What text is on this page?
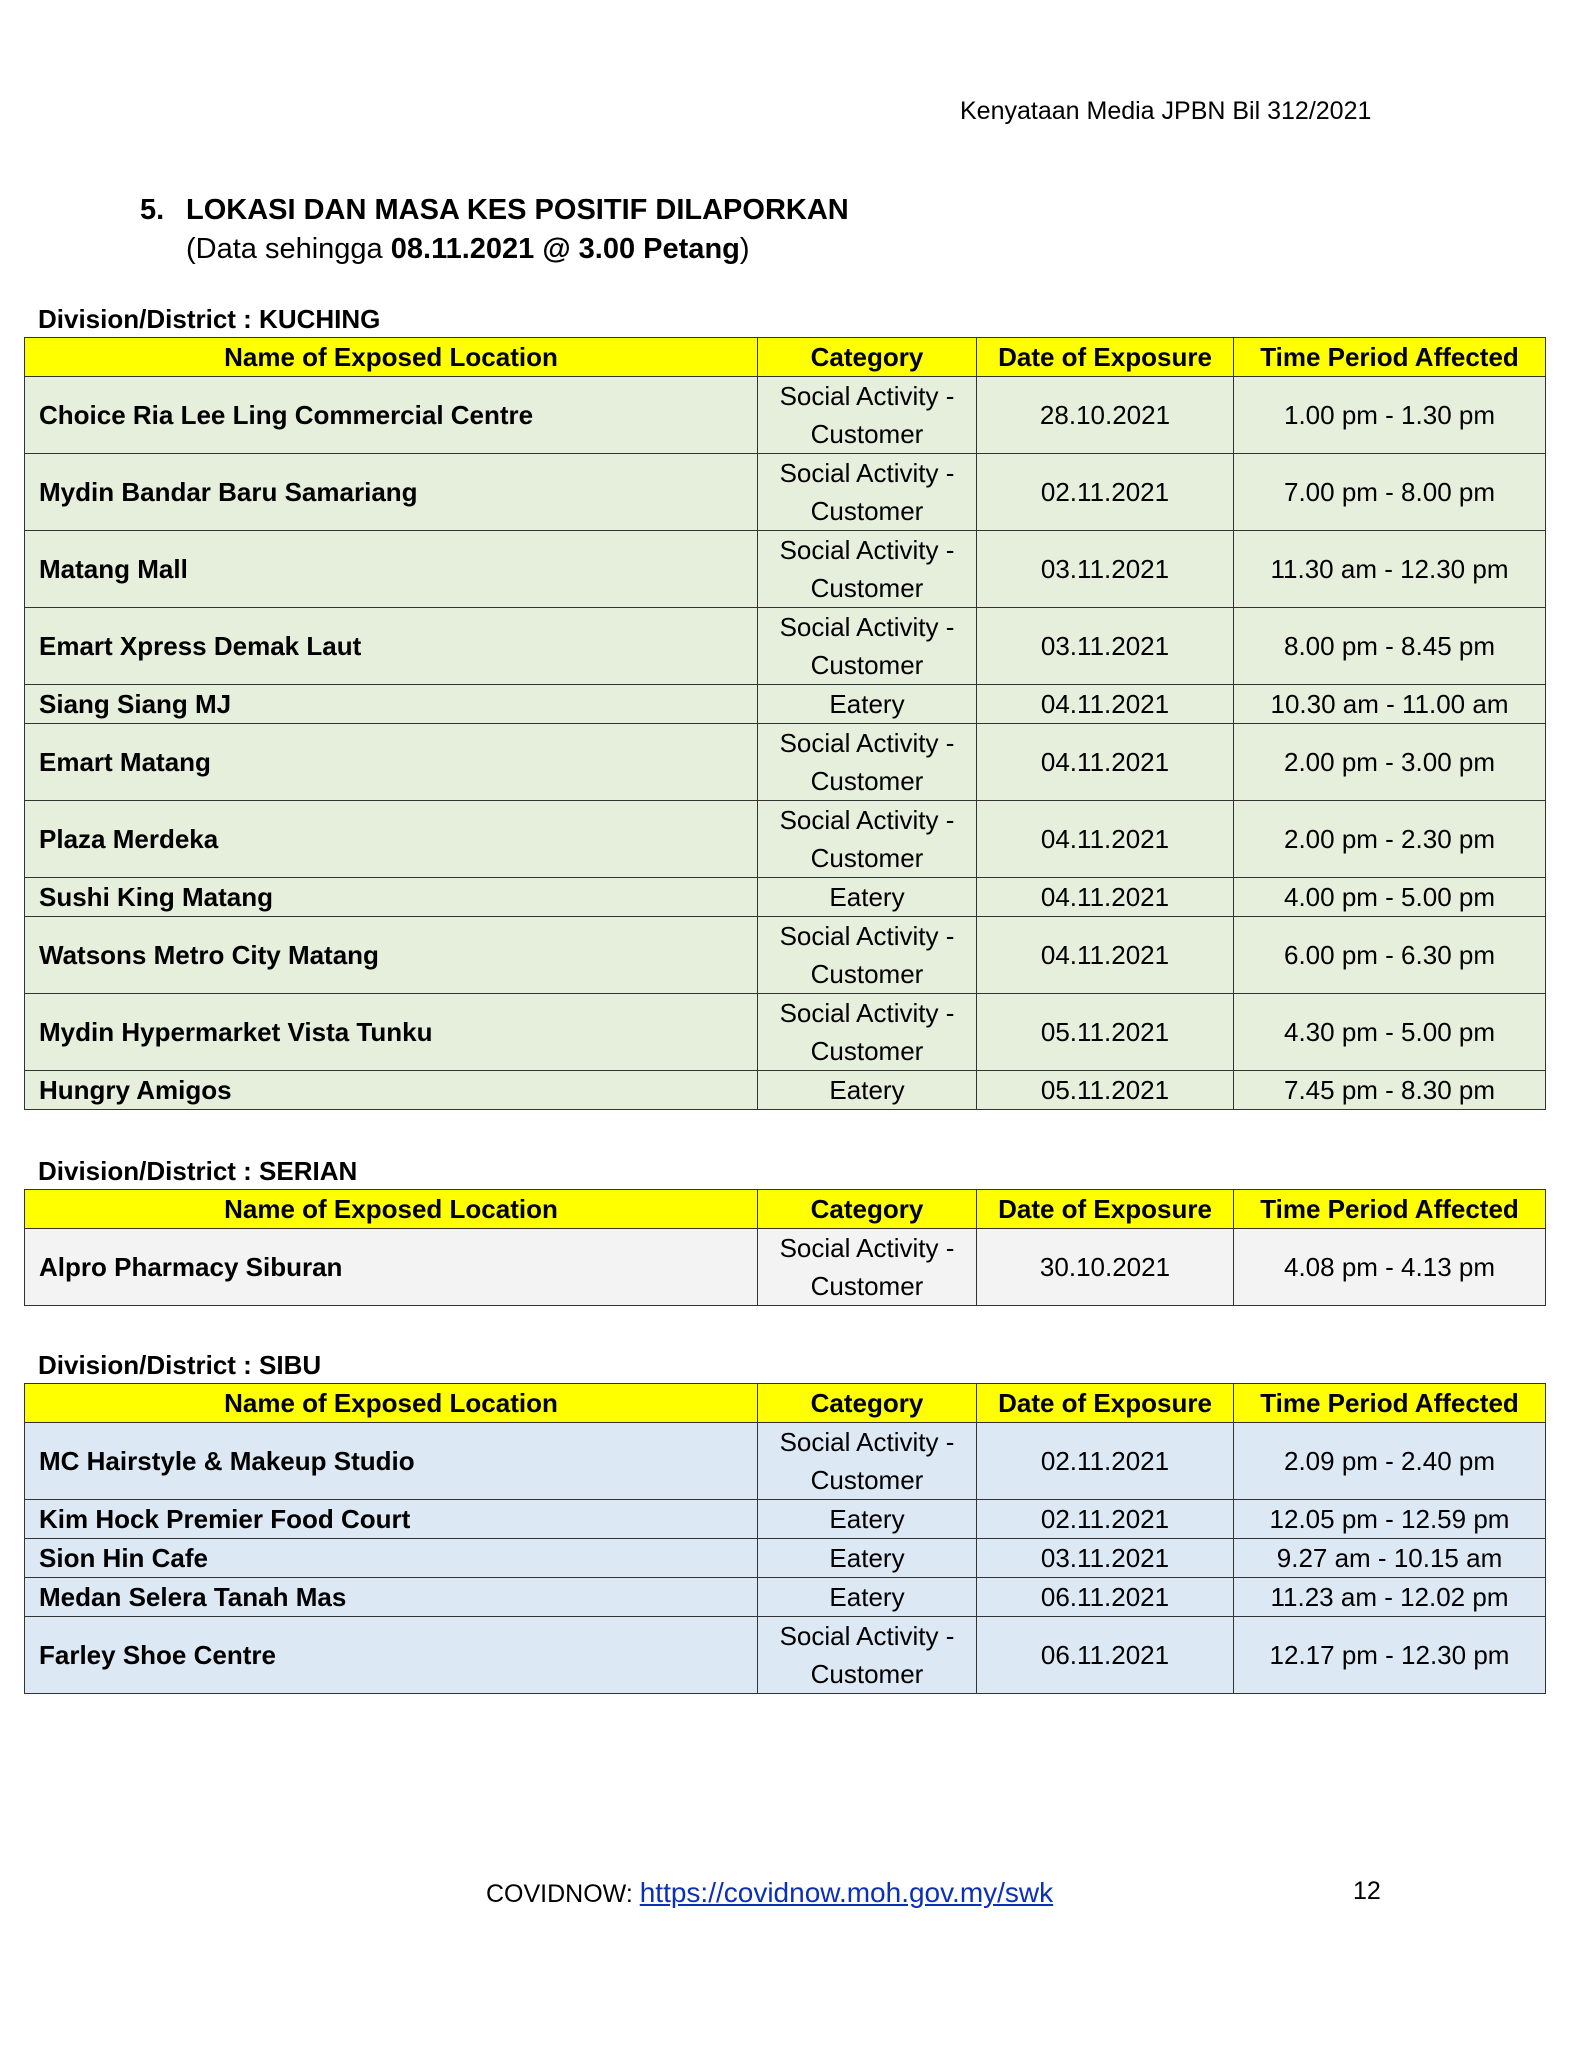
Kenyataan Media JPBN Bil 312/2021
5. LOKASI DAN MASA KES POSITIF DILAPORKAN
(Data sehingga 08.11.2021 @ 3.00 Petang)
Division/District : KUCHING
Name of Exposed Location	Category	Date of Exposure	Time Period Affected
Choice Ria Lee Ling Commercial Centre	Social Activity - Customer	28.10.2021	1.00 pm - 1.30 pm
Mydin Bandar Baru Samariang	Social Activity - Customer	02.11.2021	7.00 pm - 8.00 pm
Matang Mall	Social Activity - Customer	03.11.2021	11.30 am - 12.30 pm
Emart Xpress Demak Laut	Social Activity - Customer	03.11.2021	8.00 pm - 8.45 pm
Siang Siang MJ	Eatery	04.11.2021	10.30 am - 11.00 am
Emart Matang	Social Activity - Customer	04.11.2021	2.00 pm - 3.00 pm
Plaza Merdeka	Social Activity - Customer	04.11.2021	2.00 pm - 2.30 pm
Sushi King Matang	Eatery	04.11.2021	4.00 pm - 5.00 pm
Watsons Metro City Matang	Social Activity - Customer	04.11.2021	6.00 pm - 6.30 pm
Mydin Hypermarket Vista Tunku	Social Activity - Customer	05.11.2021	4.30 pm - 5.00 pm
Hungry Amigos	Eatery	05.11.2021	7.45 pm - 8.30 pm
Division/District : SERIAN
Name of Exposed Location	Category	Date of Exposure	Time Period Affected
Alpro Pharmacy Siburan	Social Activity - Customer	30.10.2021	4.08 pm - 4.13 pm
Division/District : SIBU
Name of Exposed Location	Category	Date of Exposure	Time Period Affected
MC Hairstyle & Makeup Studio	Social Activity - Customer	02.11.2021	2.09 pm - 2.40 pm
Kim Hock Premier Food Court	Eatery	02.11.2021	12.05 pm - 12.59 pm
Sion Hin Cafe	Eatery	03.11.2021	9.27 am - 10.15 am
Medan Selera Tanah Mas	Eatery	06.11.2021	11.23 am - 12.02 pm
Farley Shoe Centre	Social Activity - Customer	06.11.2021	12.17 pm - 12.30 pm
COVIDNOW: https://covidnow.moh.gov.my/swk	12
